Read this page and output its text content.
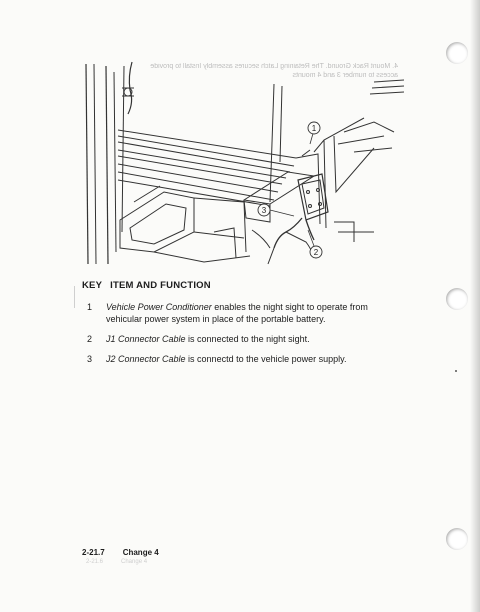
4. Mount Rack Ground. The Retaining Latch secures assembly Install to provide access to number 3 and 4 mounts
1
3
2
KEY ITEM AND FUNCTION
1 Vehicle Power Conditioner enables the night sight to operate from
vehicular power system in place of the portable battery.
2 J1 Connector Cable is connected to the night sight.
3 J2 Connector Cable is connectd to the vehicle power supply.
2-21.7 Change 4
2-21.6	Change 4
